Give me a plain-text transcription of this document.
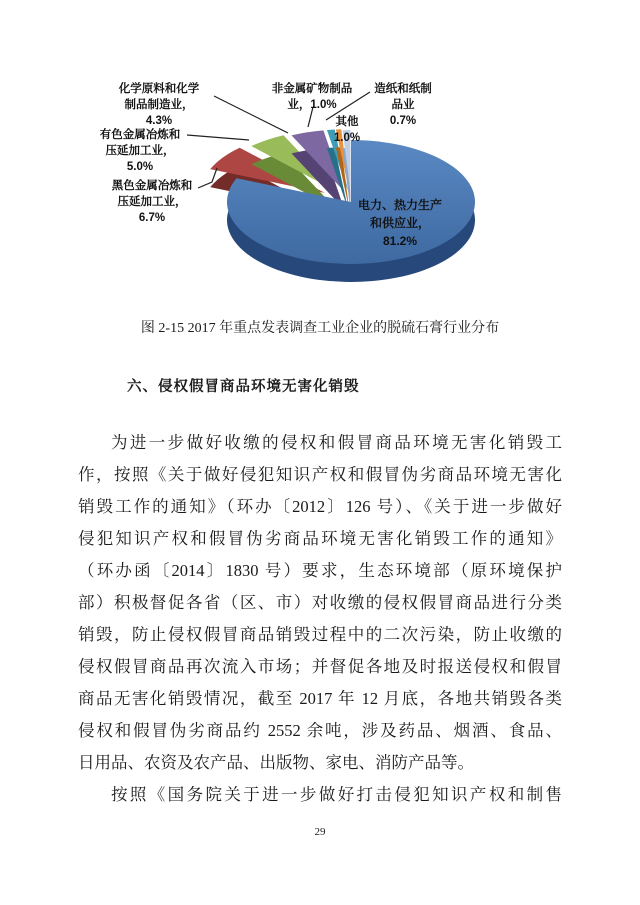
化学原料和化学
制品制造业，
4.3%
有色金属冶炼和
压延加工业，
5.0%
黑色金属冶炼和
压延加工业，
6.7%
非金属矿物制品
业，1.0%
造纸和纸制
品业
0.7%
其他
1.0%
电力、热力生产
和供应业，
81.2%
图 2-15 2017 年重点发表调查工业企业的脱硫石膏行业分布
六、侵权假冒商品环境无害化销毁
为进一步做好收缴的侵权和假冒商品环境无害化销毁工
作，按照《关于做好侵犯知识产权和假冒伪劣商品环境无害化
销毁工作的通知》（环办〔2012〕126 号）、《关于进一步做好
侵犯知识产权和假冒伪劣商品环境无害化销毁工作的通知》
（环办函〔2014〕1830 号）要求，生态环境部（原环境保护
部）积极督促各省（区、市）对收缴的侵权假冒商品进行分类
销毁，防止侵权假冒商品销毁过程中的二次污染，防止收缴的
侵权假冒商品再次流入市场；并督促各地及时报送侵权和假冒
商品无害化销毁情况，截至 2017 年 12 月底，各地共销毁各类
侵权和假冒伪劣商品约 2552 余吨，涉及药品、烟酒、食品、
日用品、农资及农产品、出版物、家电、消防产品等。
按照《国务院关于进一步做好打击侵犯知识产权和制售
29
